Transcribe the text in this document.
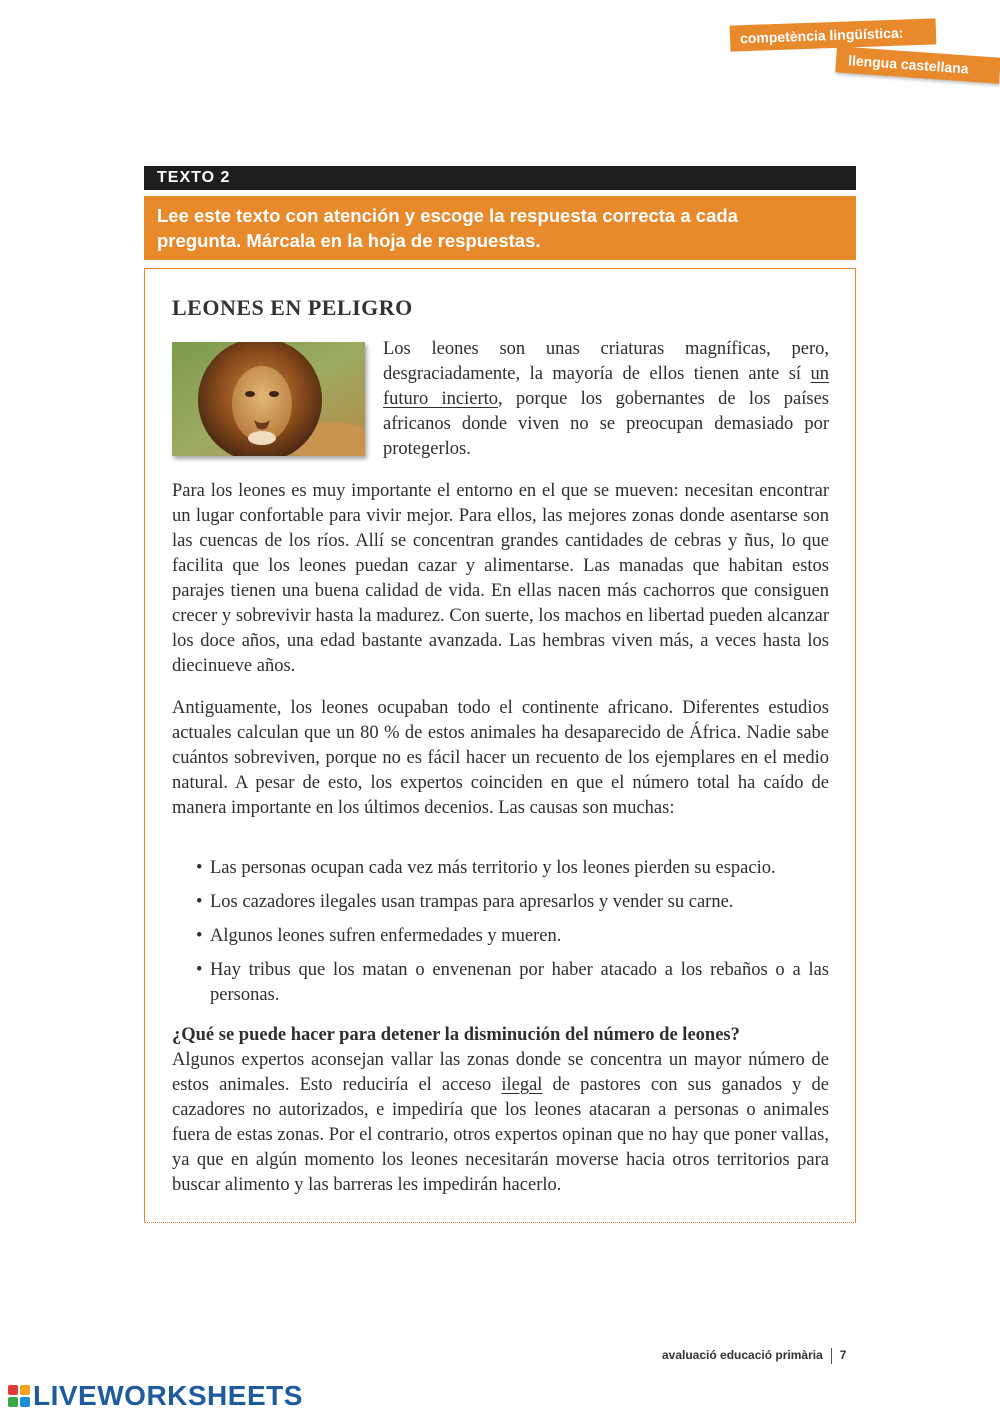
competència lingüística:
llengua castellana
TEXTO 2
Lee este texto con atención y escoge la respuesta correcta a cada pregunta. Márcala en la hoja de respuestas.
LEONES EN PELIGRO
Los leones son unas criaturas magníficas, pero, desgraciadamente, la mayoría de ellos tienen ante sí un futuro incierto, porque los gobernantes de los países africanos donde viven no se preocupan demasiado por protegerlos.
Para los leones es muy importante el entorno en el que se mueven: necesitan encontrar un lugar confortable para vivir mejor. Para ellos, las mejores zonas donde asentarse son las cuencas de los ríos. Allí se concentran grandes cantidades de cebras y ñus, lo que facilita que los leones puedan cazar y alimentarse. Las manadas que habitan estos parajes tienen una buena calidad de vida. En ellas nacen más cachorros que consiguen crecer y sobrevivir hasta la madurez. Con suerte, los machos en libertad pueden alcanzar los doce años, una edad bastante avanzada. Las hembras viven más, a veces hasta los diecinueve años.
Antiguamente, los leones ocupaban todo el continente africano. Diferentes estudios actuales calculan que un 80 % de estos animales ha desaparecido de África. Nadie sabe cuántos sobreviven, porque no es fácil hacer un recuento de los ejemplares en el medio natural. A pesar de esto, los expertos coinciden en que el número total ha caído de manera importante en los últimos decenios. Las causas son muchas:
• Las personas ocupan cada vez más territorio y los leones pierden su espacio.
• Los cazadores ilegales usan trampas para apresarlos y vender su carne.
• Algunos leones sufren enfermedades y mueren.
• Hay tribus que los matan o envenenan por haber atacado a los rebaños o a las personas.
¿Qué se puede hacer para detener la disminución del número de leones?
Algunos expertos aconsejan vallar las zonas donde se concentra un mayor número de estos animales. Esto reduciría el acceso ilegal de pastores con sus ganados y de cazadores no autorizados, e impediría que los leones atacaran a personas o animales fuera de estas zonas. Por el contrario, otros expertos opinan que no hay que poner vallas, ya que en algún momento los leones necesitarán moverse hacia otros territorios para buscar alimento y las barreras les impedirán hacerlo.
avaluació educació primària 7
LIVEWORKSHEETS
